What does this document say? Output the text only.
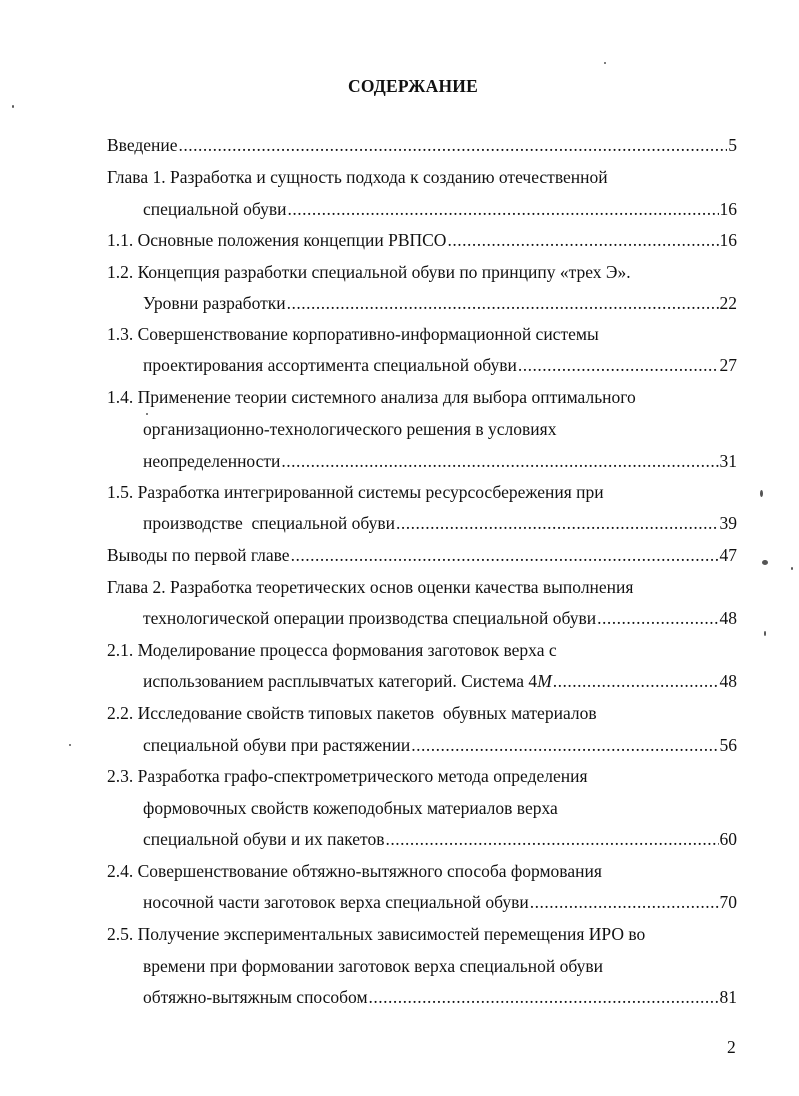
СОДЕРЖАНИЕ
Введение .....	5
Глава 1. Разработка и сущность подхода к созданию отечественной
специальной обуви .....	16
1.1. Основные положения концепции РВПСО .....	16
1.2. Концепция разработки специальной обуви по принципу «трех Э».
Уровни разработки .....	22
1.3. Совершенствование корпоративно-информационной системы
проектирования ассортимента специальной обуви .....	27
1.4. Применение теории системного анализа для выбора оптимального
организационно-технологического решения в условиях
неопределенности .....	31
1.5. Разработка интегрированной системы ресурсосбережения при
производстве  специальной обуви .....	39
Выводы по первой главе .....	47
Глава 2. Разработка теоретических основ оценки качества выполнения
технологической операции производства специальной обуви .....	48
2.1. Моделирование процесса формования заготовок верха с
использованием расплывчатых категорий. Система 4M .....	48
2.2. Исследование свойств типовых пакетов  обувных материалов
специальной обуви при растяжении .....	56
2.3. Разработка графо-спектрометрического метода определения
формовочных свойств кожеподобных материалов верха
специальной обуви и их пакетов .....	60
2.4. Совершенствование обтяжно-вытяжного способа формования
носочной части заготовок верха специальной обуви .....	70
2.5. Получение экспериментальных зависимостей перемещения ИРО во
времени при формовании заготовок верха специальной обуви
обтяжно-вытяжным способом .....	81
2
